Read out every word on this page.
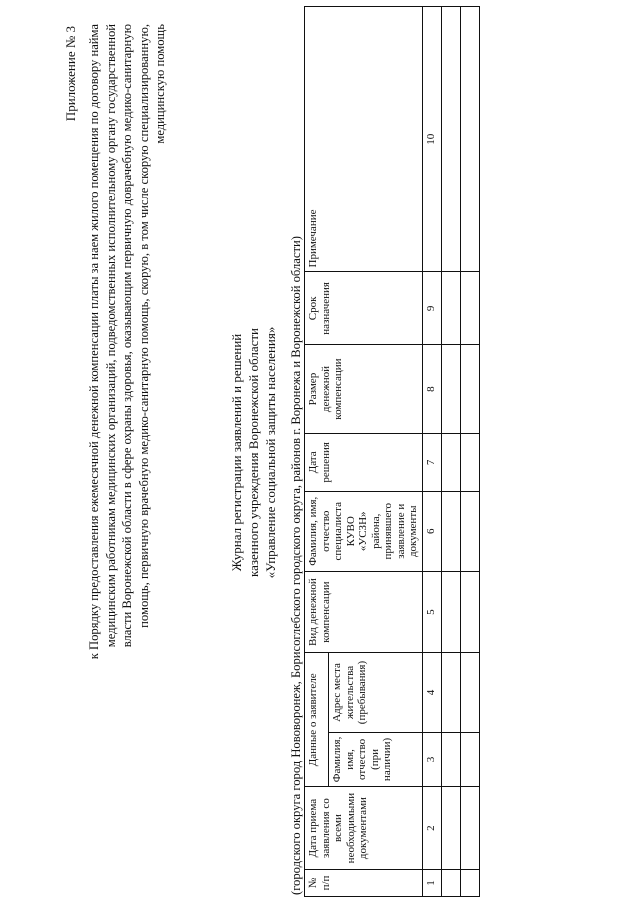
Приложение № 3 к Порядку предоставления ежемесячной денежной компенсации платы за наем жилого помещения по договору найма медицинским работникам медицинских организаций, подведомственных исполнительному органу государственной власти Воронежской области в сфере охраны здоровья, оказывающим первичную доврачебную медико-санитарную помощь, первичную врачебную медико-санитарную помощь, скорую, в том числе скорую специализированную, медицинскую помощь
Журнал регистрации заявлений и решений казенного учреждения Воронежской области «Управление социальной защиты населения» (городского округа город Нововоронеж, Борисоглебского городского округа, районов г. Воронежа и Воронежской области) № п/п	Дата приема заявления со всеми необходимыми документами	Данные о заявителе		Вид денежной компенсации	Фамилия, имя, отчество специалиста КУВО «УСЗН» района, принявшего заявление и документы	Дата решения	Размер денежной компенсации	Срок назначения	Примечание
		Фамилия, имя, отчество (при наличии)	Адрес места жительства (пребывания)						
1	2	3	4	5	6	7	8	9	10
